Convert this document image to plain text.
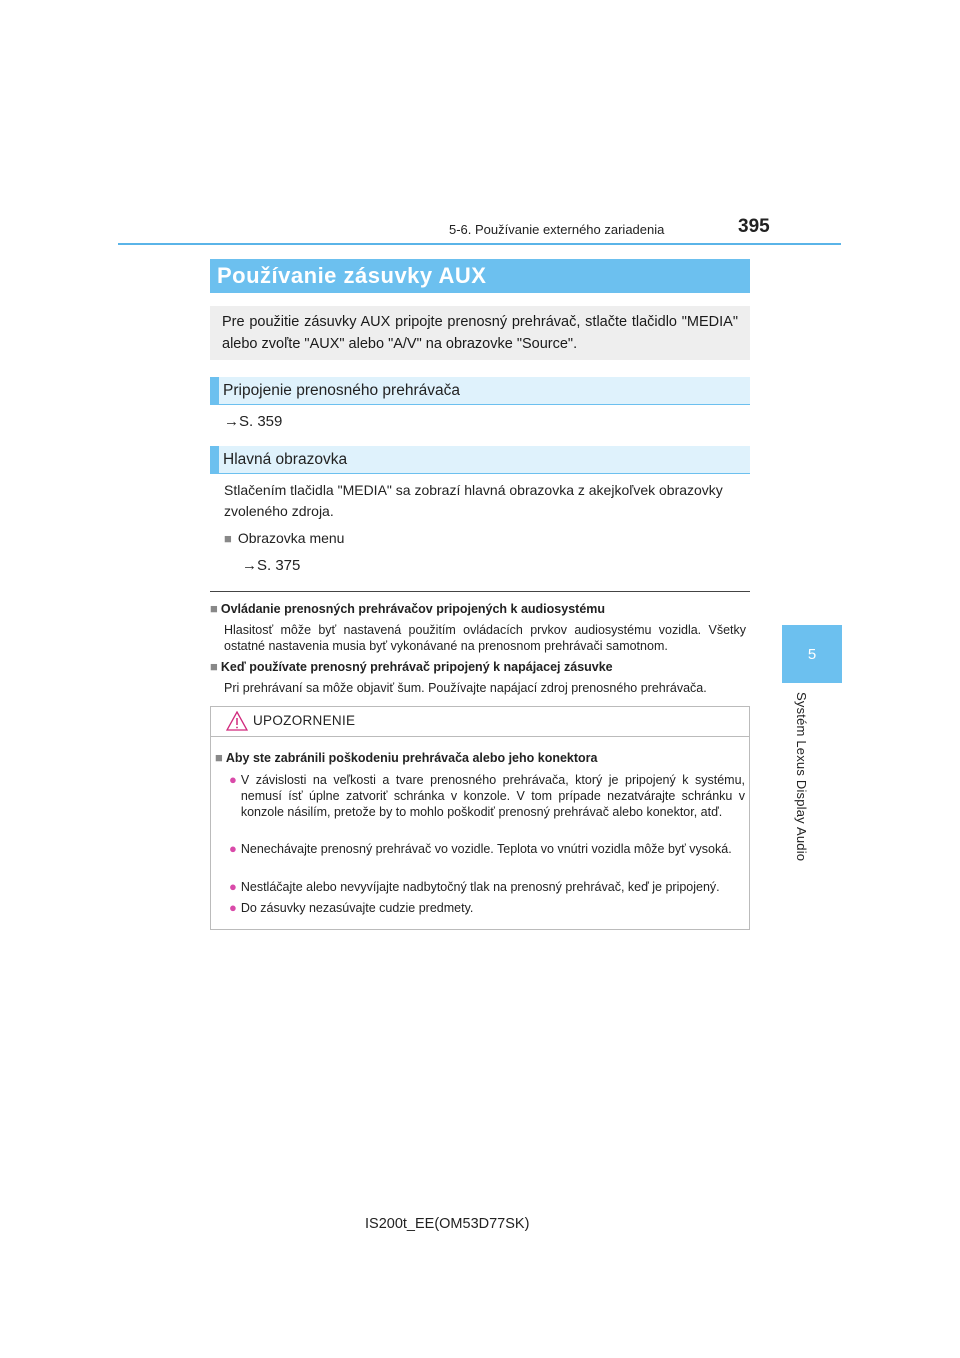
5-6. Používanie externého zariadenia	395
5
Systém Lexus Display Audio
Používanie zásuvky AUX
Pre použitie zásuvky AUX pripojte prenosný prehrávač, stlačte tlačidlo "MEDIA" alebo zvoľte "AUX" alebo "A/V" na obrazovke "Source".
Pripojenie prenosného prehrávača
→S. 359
Hlavná obrazovka
Stlačením tlačidla "MEDIA" sa zobrazí hlavná obrazovka z akejkoľvek obrazovky zvoleného zdroja.
■ Obrazovka menu
→S. 375
■ Ovládanie prenosných prehrávačov pripojených k audiosystému
Hlasitosť môže byť nastavená použitím ovládacích prvkov audiosystému vozidla. Všetky ostatné nastavenia musia byť vykonávané na prenosnom prehrávači samotnom.
■ Keď používate prenosný prehrávač pripojený k napájacej zásuvke
Pri prehrávaní sa môže objaviť šum. Používajte napájací zdroj prenosného prehrávača.
UPOZORNENIE
■ Aby ste zabránili poškodeniu prehrávača alebo jeho konektora
● V závislosti na veľkosti a tvare prenosného prehrávača, ktorý je pripojený k systému, nemusí ísť úplne zatvoriť schránka v konzole. V tom prípade nezatvárajte schránku v konzole násilím, pretože by to mohlo poškodiť prenosný prehrávač alebo konektor, atď.
● Nenechávajte prenosný prehrávač vo vozidle. Teplota vo vnútri vozidla môže byť vysoká.
● Nestláčajte alebo nevyvíjajte nadbytočný tlak na prenosný prehrávač, keď je pripojený.
● Do zásuvky nezasúvajte cudzie predmety.
IS200t_EE(OM53D77SK)
